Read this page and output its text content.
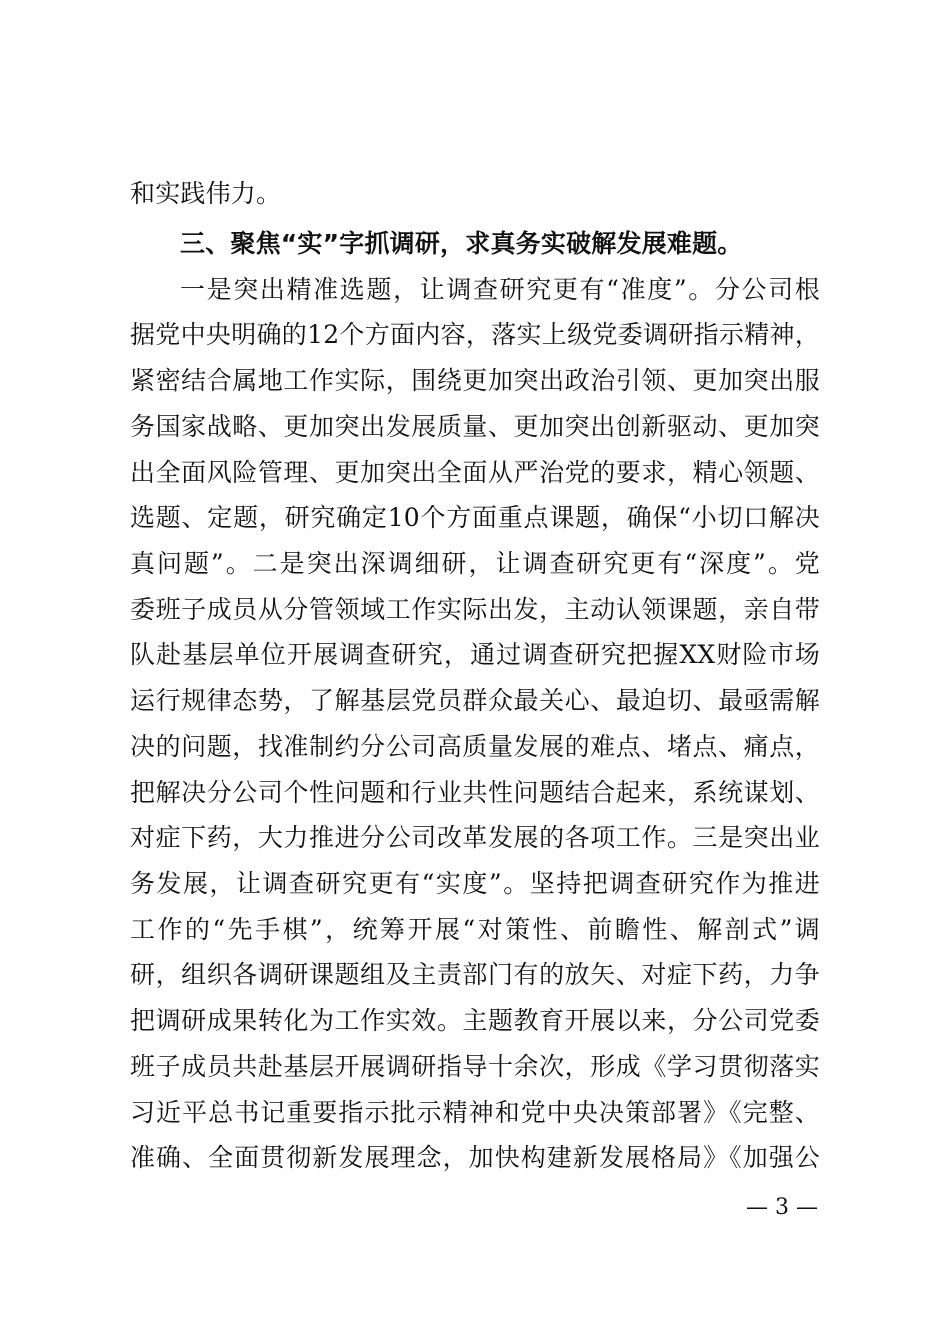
和实践伟力。
三、聚焦“实”字抓调研，求真务实破解发展难题。
一是突出精准选题，让调查研究更有“准度”。分公司根
据党中央明确的12个方面内容，落实上级党委调研指示精神，
紧密结合属地工作实际，围绕更加突出政治引领、更加突出服
务国家战略、更加突出发展质量、更加突出创新驱动、更加突
出全面风险管理、更加突出全面从严治党的要求，精心领题、
选题、定题，研究确定10个方面重点课题，确保“小切口解决
真问题”。二是突出深调细研，让调查研究更有“深度”。党
委班子成员从分管领域工作实际出发，主动认领课题，亲自带
队赴基层单位开展调查研究，通过调查研究把握XX财险市场
运行规律态势，了解基层党员群众最关心、最迫切、最亟需解
决的问题，找准制约分公司高质量发展的难点、堵点、痛点，
把解决分公司个性问题和行业共性问题结合起来，系统谋划、
对症下药，大力推进分公司改革发展的各项工作。三是突出业
务发展，让调查研究更有“实度”。坚持把调查研究作为推进
工作的“先手棋”，统筹开展“对策性、前瞻性、解剖式”调
研，组织各调研课题组及主责部门有的放矢、对症下药，力争
把调研成果转化为工作实效。主题教育开展以来，分公司党委
班子成员共赴基层开展调研指导十余次，形成《学习贯彻落实
习近平总书记重要指示批示精神和党中央决策部署》《完整、
准确、全面贯彻新发展理念，加快构建新发展格局》《加强公
— 3 —
